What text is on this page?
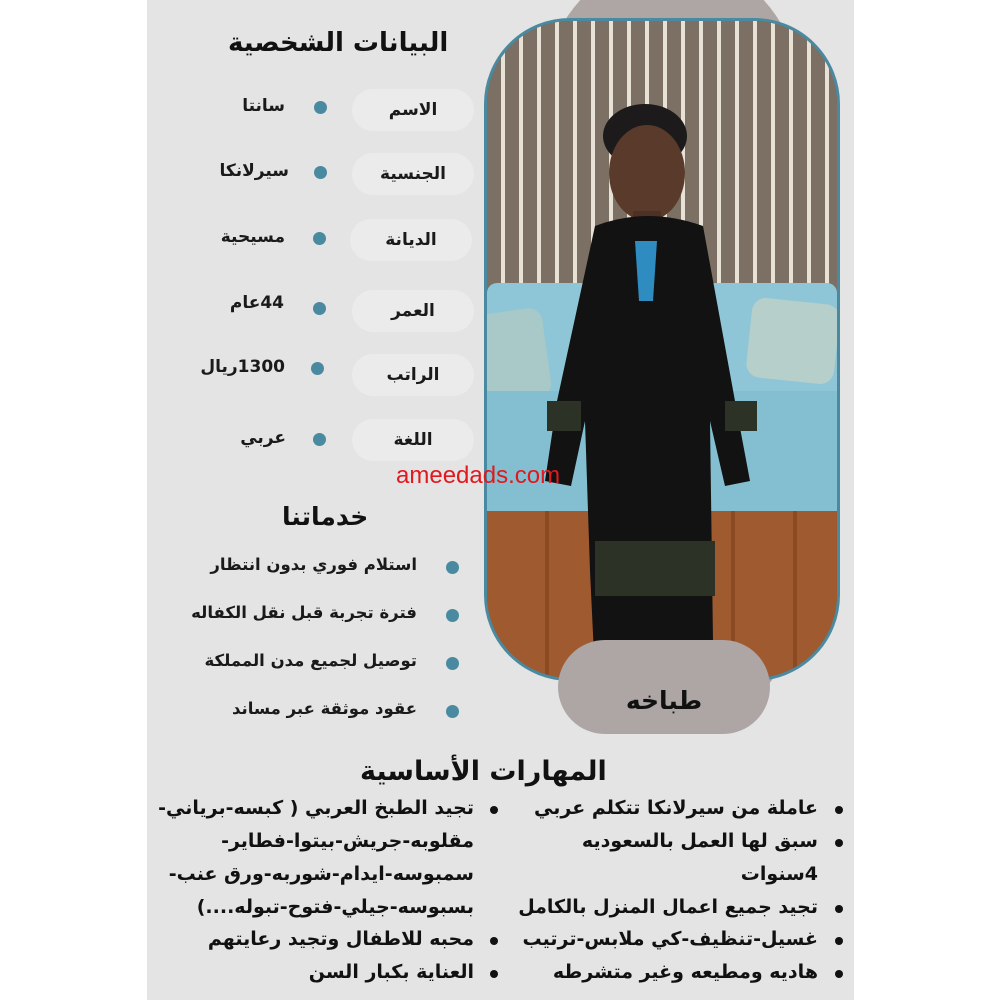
طباخه
البيانات الشخصية
الاسم
سانتا
الجنسية
سيرلانكا
الديانة
مسيحية
العمر
44عام
الراتب
1300ريال
اللغة
عربي
ameedads.com
خدماتنا
استلام فوري بدون انتظار
فترة تجربة قبل نقل الكفاله
توصيل لجميع مدن المملكة
عقود موثقة عبر مساند
المهارات الأساسية
عاملة من سيرلانكا تتكلم عربي
سبق لها العمل بالسعوديه
4سنوات
تجيد جميع اعمال المنزل بالكامل
غسيل-تنظيف-كي ملابس-ترتيب
هاديه ومطيعه وغير متشرطه
تجيد الطبخ العربي ( كبسه-برياني-
مقلوبه-جريش-بيتوا-فطاير-
سمبوسه-ايدام-شوربه-ورق عنب-
بسبوسه-جيلي-فتوح-تبوله....)
محبه للاطفال وتجيد رعايتهم
العناية بكبار السن
